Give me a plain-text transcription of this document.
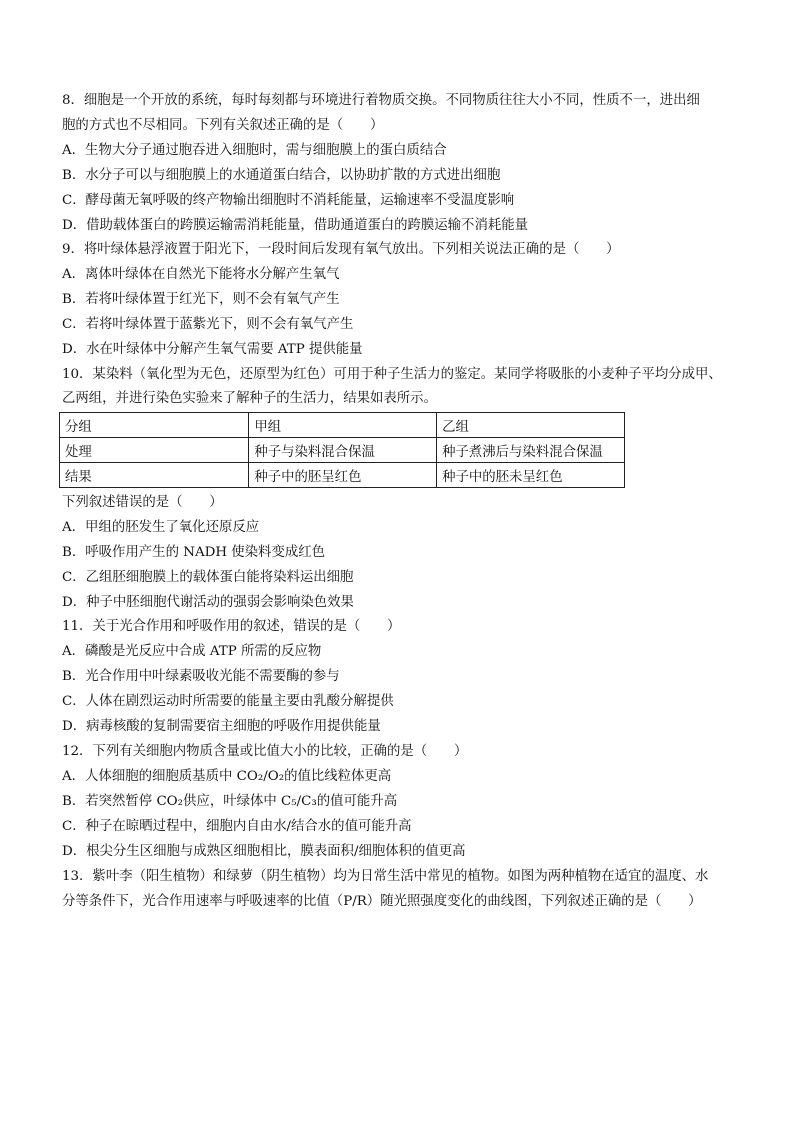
8．细胞是一个开放的系统，每时每刻都与环境进行着物质交换。不同物质往往大小不同，性质不一，进出细
胞的方式也不尽相同。下列有关叙述正确的是（　　）
A．生物大分子通过胞吞进入细胞时，需与细胞膜上的蛋白质结合
B．水分子可以与细胞膜上的水通道蛋白结合，以协助扩散的方式进出细胞
C．酵母菌无氧呼吸的终产物输出细胞时不消耗能量，运输速率不受温度影响
D．借助载体蛋白的跨膜运输需消耗能量，借助通道蛋白的跨膜运输不消耗能量
9．将叶绿体悬浮液置于阳光下，一段时间后发现有氧气放出。下列相关说法正确的是（　　）
A．离体叶绿体在自然光下能将水分解产生氧气
B．若将叶绿体置于红光下，则不会有氧气产生
C．若将叶绿体置于蓝紫光下，则不会有氧气产生
D．水在叶绿体中分解产生氧气需要 ATP 提供能量
10．某染料（氧化型为无色，还原型为红色）可用于种子生活力的鉴定。某同学将吸胀的小麦种子平均分成甲、
乙两组，并进行染色实验来了解种子的生活力，结果如表所示。
分组	甲组	乙组
处理	种子与染料混合保温	种子煮沸后与染料混合保温
结果	种子中的胚呈红色	种子中的胚未呈红色
下列叙述错误的是（　　）
A．甲组的胚发生了氧化还原反应
B．呼吸作用产生的 NADH 使染料变成红色
C．乙组胚细胞膜上的载体蛋白能将染料运出细胞
D．种子中胚细胞代谢活动的强弱会影响染色效果
11．关于光合作用和呼吸作用的叙述，错误的是（　　）
A．磷酸是光反应中合成 ATP 所需的反应物
B．光合作用中叶绿素吸收光能不需要酶的参与
C．人体在剧烈运动时所需要的能量主要由乳酸分解提供
D．病毒核酸的复制需要宿主细胞的呼吸作用提供能量
12．下列有关细胞内物质含量或比值大小的比较，正确的是（　　）
A．人体细胞的细胞质基质中 CO₂/O₂的值比线粒体更高
B．若突然暂停 CO₂供应，叶绿体中 C₅/C₃的值可能升高
C．种子在晾晒过程中，细胞内自由水/结合水的值可能升高
D．根尖分生区细胞与成熟区细胞相比，膜表面积/细胞体积的值更高
13．紫叶李（阳生植物）和绿萝（阴生植物）均为日常生活中常见的植物。如图为两种植物在适宜的温度、水
分等条件下，光合作用速率与呼吸速率的比值（P/R）随光照强度变化的曲线图，下列叙述正确的是（　　）
